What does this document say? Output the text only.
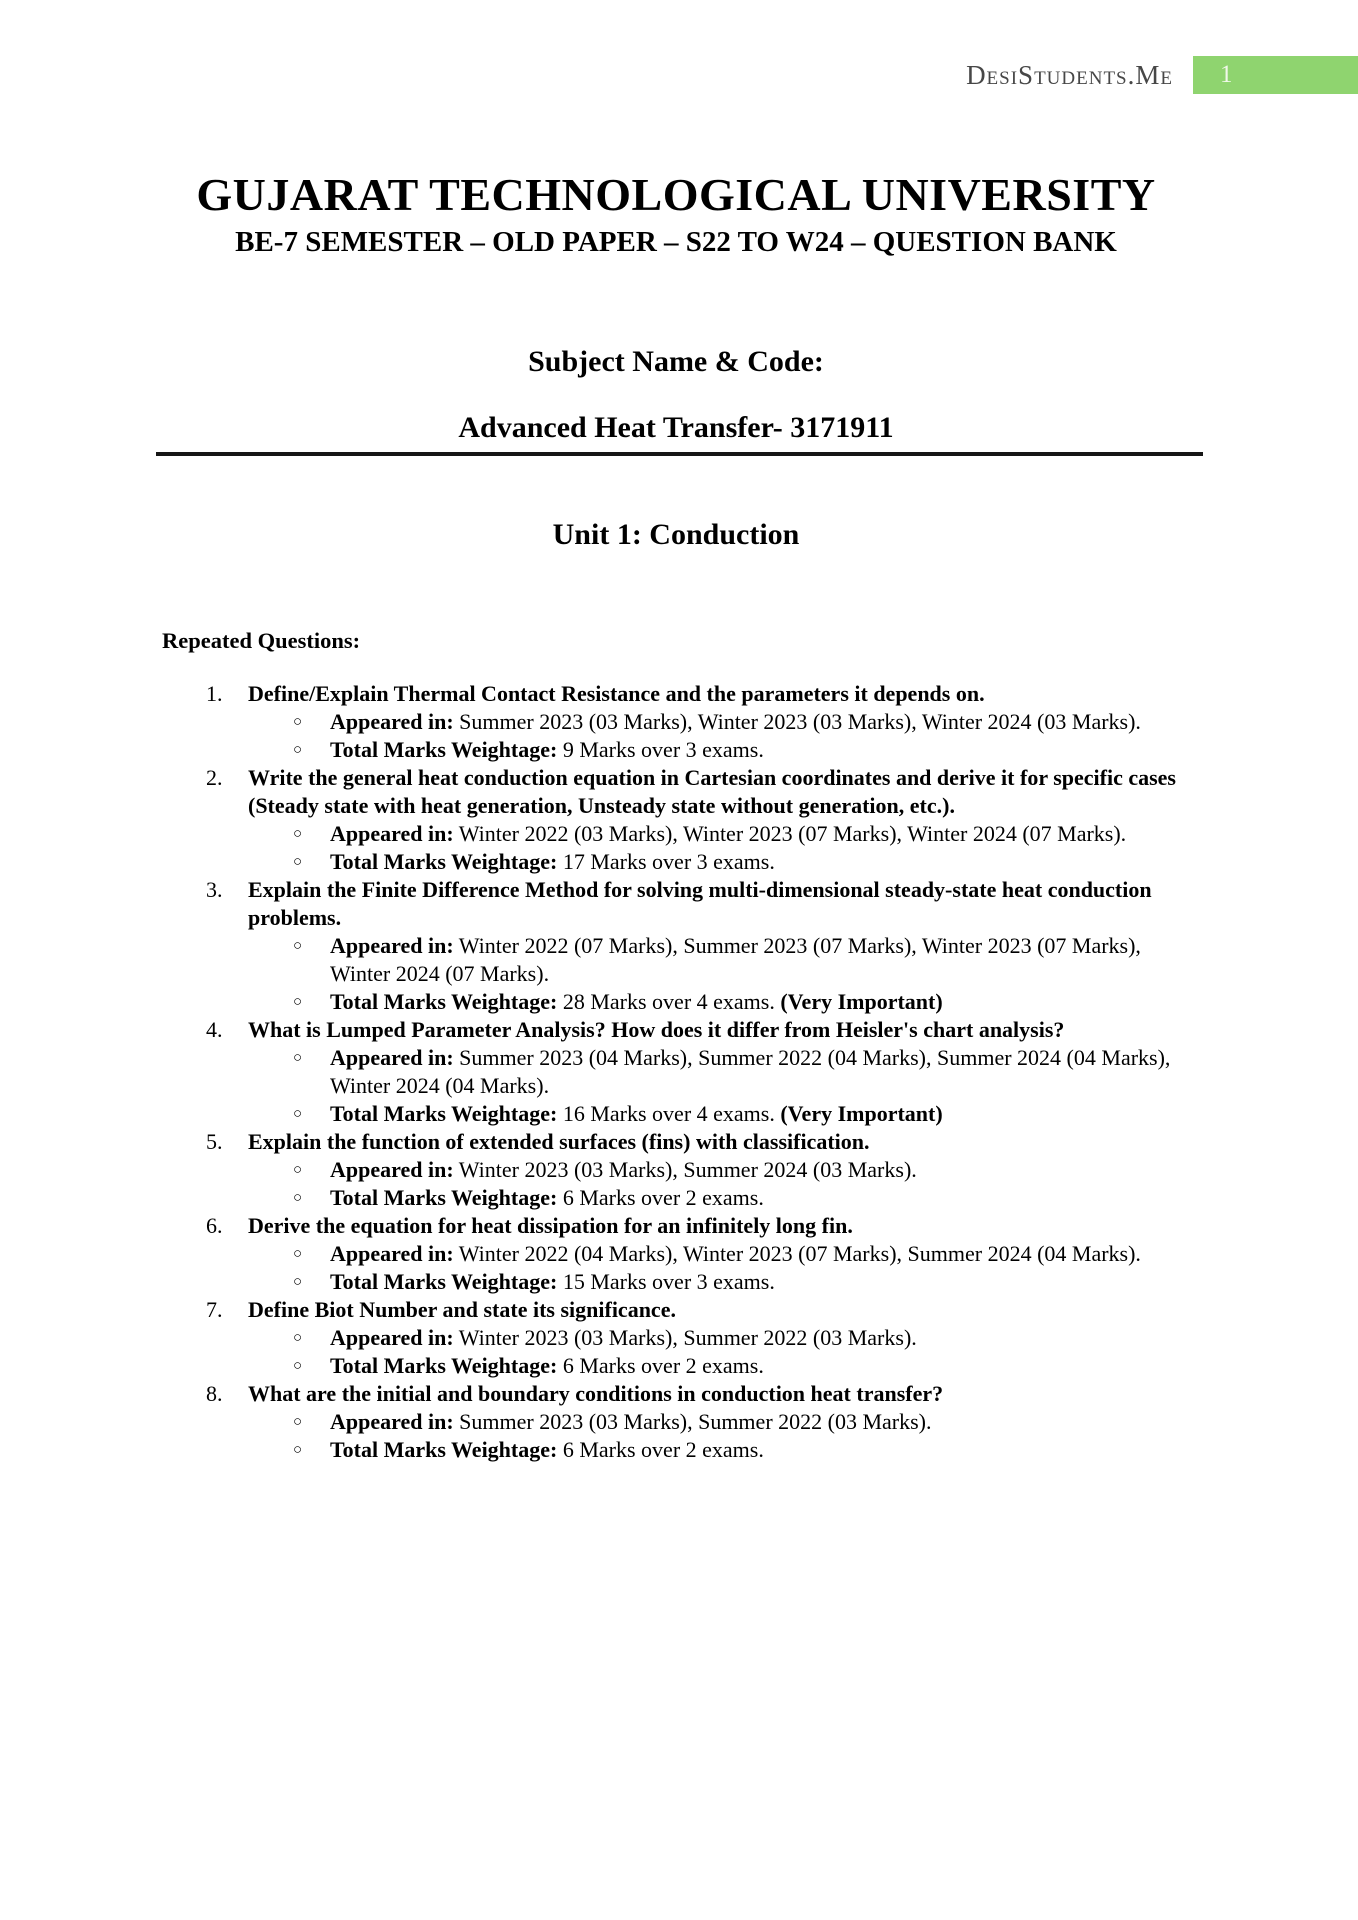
DesiStudents.Me 1
GUJARAT TECHNOLOGICAL UNIVERSITY
BE-7 SEMESTER – OLD PAPER – S22 TO W24 – QUESTION BANK
Subject Name & Code:
Advanced Heat Transfer- 3171911
Unit 1: Conduction
Repeated Questions:
1.	Define/Explain Thermal Contact Resistance and the parameters it depends on.
○	Appeared in: Summer 2023 (03 Marks), Winter 2023 (03 Marks), Winter 2024 (03 Marks).
○	Total Marks Weightage: 9 Marks over 3 exams.
2.	Write the general heat conduction equation in Cartesian coordinates and derive it for specific cases (Steady state with heat generation, Unsteady state without generation, etc.).
○	Appeared in: Winter 2022 (03 Marks), Winter 2023 (07 Marks), Winter 2024 (07 Marks).
○	Total Marks Weightage: 17 Marks over 3 exams.
3.	Explain the Finite Difference Method for solving multi-dimensional steady-state heat conduction problems.
○	Appeared in: Winter 2022 (07 Marks), Summer 2023 (07 Marks), Winter 2023 (07 Marks), Winter 2024 (07 Marks).
○	Total Marks Weightage: 28 Marks over 4 exams. (Very Important)
4.	What is Lumped Parameter Analysis? How does it differ from Heisler's chart analysis?
○	Appeared in: Summer 2023 (04 Marks), Summer 2022 (04 Marks), Summer 2024 (04 Marks), Winter 2024 (04 Marks).
○	Total Marks Weightage: 16 Marks over 4 exams. (Very Important)
5.	Explain the function of extended surfaces (fins) with classification.
○	Appeared in: Winter 2023 (03 Marks), Summer 2024 (03 Marks).
○	Total Marks Weightage: 6 Marks over 2 exams.
6.	Derive the equation for heat dissipation for an infinitely long fin.
○	Appeared in: Winter 2022 (04 Marks), Winter 2023 (07 Marks), Summer 2024 (04 Marks).
○	Total Marks Weightage: 15 Marks over 3 exams.
7.	Define Biot Number and state its significance.
○	Appeared in: Winter 2023 (03 Marks), Summer 2022 (03 Marks).
○	Total Marks Weightage: 6 Marks over 2 exams.
8.	What are the initial and boundary conditions in conduction heat transfer?
○	Appeared in: Summer 2023 (03 Marks), Summer 2022 (03 Marks).
○	Total Marks Weightage: 6 Marks over 2 exams.
